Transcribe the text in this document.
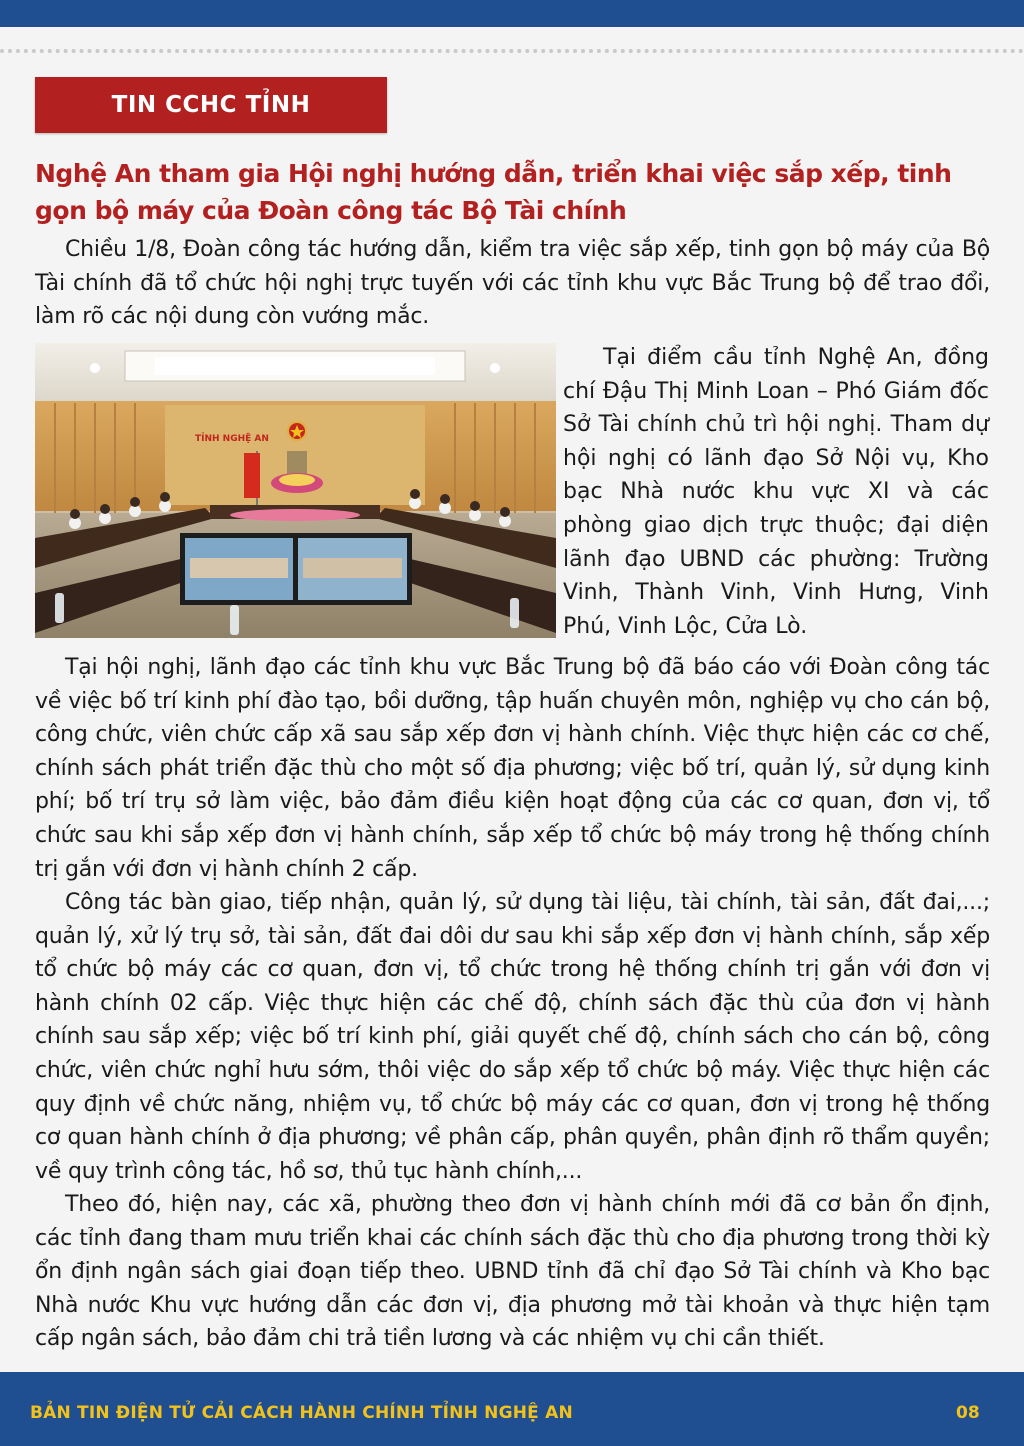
TIN CCHC TỈNH
Nghệ An tham gia Hội nghị hướng dẫn, triển khai việc sắp xếp, tinh gọn bộ máy của Đoàn công tác Bộ Tài chính

Chiều 1/8, Đoàn công tác hướng dẫn, kiểm tra việc sắp xếp, tinh gọn bộ máy của Bộ Tài chính đã tổ chức hội nghị trực tuyến với các tỉnh khu vực Bắc Trung bộ để trao đổi, làm rõ các nội dung còn vướng mắc.

TỈNH NGHỆ AN

Tại điểm cầu tỉnh Nghệ An, đồng chí Đậu Thị Minh Loan – Phó Giám đốc Sở Tài chính chủ trì hội nghị. Tham dự hội nghị có lãnh đạo Sở Nội vụ, Kho bạc Nhà nước khu vực XI và các phòng giao dịch trực thuộc; đại diện lãnh đạo UBND các phường: Trường Vinh, Thành Vinh, Vinh Hưng, Vinh Phú, Vinh Lộc, Cửa Lò.

Tại hội nghị, lãnh đạo các tỉnh khu vực Bắc Trung bộ đã báo cáo với Đoàn công tác về việc bố trí kinh phí đào tạo, bồi dưỡng, tập huấn chuyên môn, nghiệp vụ cho cán bộ, công chức, viên chức cấp xã sau sắp xếp đơn vị hành chính. Việc thực hiện các cơ chế, chính sách phát triển đặc thù cho một số địa phương; việc bố trí, quản lý, sử dụng kinh phí; bố trí trụ sở làm việc, bảo đảm điều kiện hoạt động của các cơ quan, đơn vị, tổ chức sau khi sắp xếp đơn vị hành chính, sắp xếp tổ chức bộ máy trong hệ thống chính trị gắn với đơn vị hành chính 2 cấp.

Công tác bàn giao, tiếp nhận, quản lý, sử dụng tài liệu, tài chính, tài sản, đất đai,...; quản lý, xử lý trụ sở, tài sản, đất đai dôi dư sau khi sắp xếp đơn vị hành chính, sắp xếp tổ chức bộ máy các cơ quan, đơn vị, tổ chức trong hệ thống chính trị gắn với đơn vị hành chính 02 cấp. Việc thực hiện các chế độ, chính sách đặc thù của đơn vị hành chính sau sắp xếp; việc bố trí kinh phí, giải quyết chế độ, chính sách cho cán bộ, công chức, viên chức nghỉ hưu sớm, thôi việc do sắp xếp tổ chức bộ máy. Việc thực hiện các quy định về chức năng, nhiệm vụ, tổ chức bộ máy các cơ quan, đơn vị trong hệ thống cơ quan hành chính ở địa phương; về phân cấp, phân quyền, phân định rõ thẩm quyền; về quy trình công tác, hồ sơ, thủ tục hành chính,...

Theo đó, hiện nay, các xã, phường theo đơn vị hành chính mới đã cơ bản ổn định, các tỉnh đang tham mưu triển khai các chính sách đặc thù cho địa phương trong thời kỳ ổn định ngân sách giai đoạn tiếp theo. UBND tỉnh đã chỉ đạo Sở Tài chính và Kho bạc Nhà nước Khu vực hướng dẫn các đơn vị, địa phương mở tài khoản và thực hiện tạm cấp ngân sách, bảo đảm chi trả tiền lương và các nhiệm vụ chi cần thiết.

BẢN TIN ĐIỆN TỬ CẢI CÁCH HÀNH CHÍNH TỈNH NGHỆ AN	08
